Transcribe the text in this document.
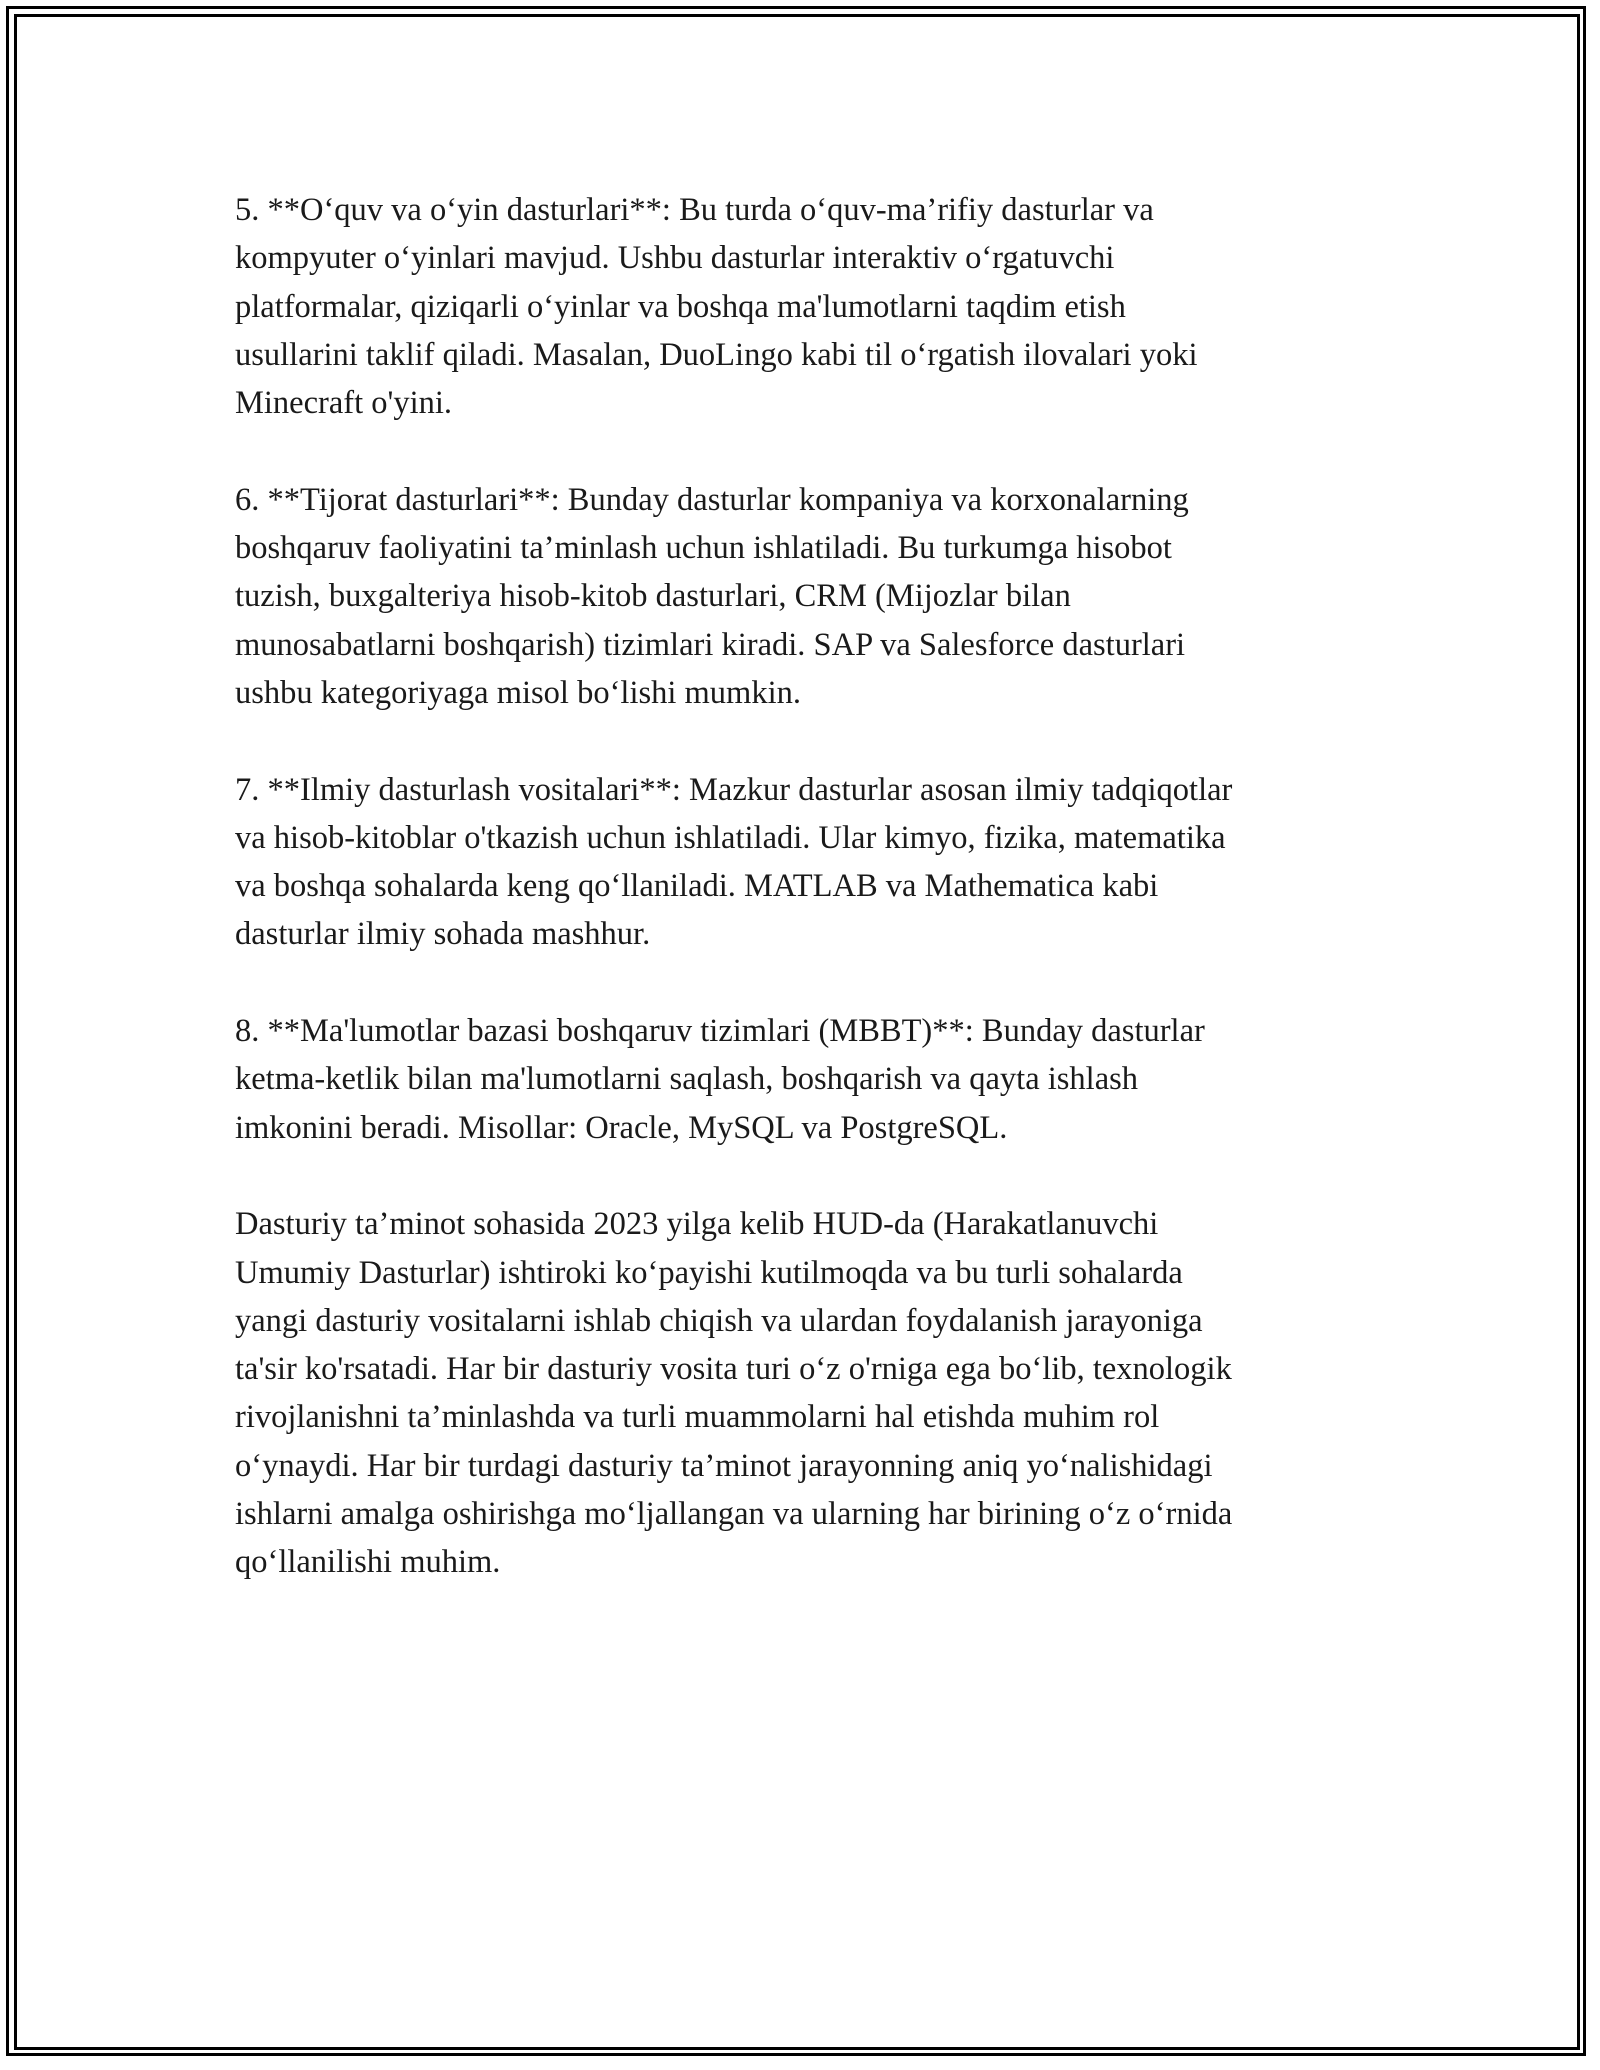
5. **O‘quv va o‘yin dasturlari**: Bu turda o‘quv-ma’rifiy dasturlar va
kompyuter o‘yinlari mavjud. Ushbu dasturlar interaktiv o‘rgatuvchi
platformalar, qiziqarli o‘yinlar va boshqa ma'lumotlarni taqdim etish
usullarini taklif qiladi. Masalan, DuoLingo kabi til o‘rgatish ilovalari yoki
Minecraft o'yini.

6. **Tijorat dasturlari**: Bunday dasturlar kompaniya va korxonalarning
boshqaruv faoliyatini ta’minlash uchun ishlatiladi. Bu turkumga hisobot
tuzish, buxgalteriya hisob-kitob dasturlari, CRM (Mijozlar bilan
munosabatlarni boshqarish) tizimlari kiradi. SAP va Salesforce dasturlari
ushbu kategoriyaga misol bo‘lishi mumkin.

7. **Ilmiy dasturlash vositalari**: Mazkur dasturlar asosan ilmiy tadqiqotlar
va hisob-kitoblar o'tkazish uchun ishlatiladi. Ular kimyo, fizika, matematika
va boshqa sohalarda keng qo‘llaniladi. MATLAB va Mathematica kabi
dasturlar ilmiy sohada mashhur.

8. **Ma'lumotlar bazasi boshqaruv tizimlari (MBBT)**: Bunday dasturlar
ketma-ketlik bilan ma'lumotlarni saqlash, boshqarish va qayta ishlash
imkonini beradi. Misollar: Oracle, MySQL va PostgreSQL.

Dasturiy ta’minot sohasida 2023 yilga kelib HUD-da (Harakatlanuvchi
Umumiy Dasturlar) ishtiroki ko‘payishi kutilmoqda va bu turli sohalarda
yangi dasturiy vositalarni ishlab chiqish va ulardan foydalanish jarayoniga
ta'sir ko'rsatadi. Har bir dasturiy vosita turi o‘z o'rniga ega bo‘lib, texnologik
rivojlanishni ta’minlashda va turli muammolarni hal etishda muhim rol
o‘ynaydi. Har bir turdagi dasturiy ta’minot jarayonning aniq yo‘nalishidagi
ishlarni amalga oshirishga mo‘ljallangan va ularning har birining o‘z o‘rnida
qo‘llanilishi muhim.
